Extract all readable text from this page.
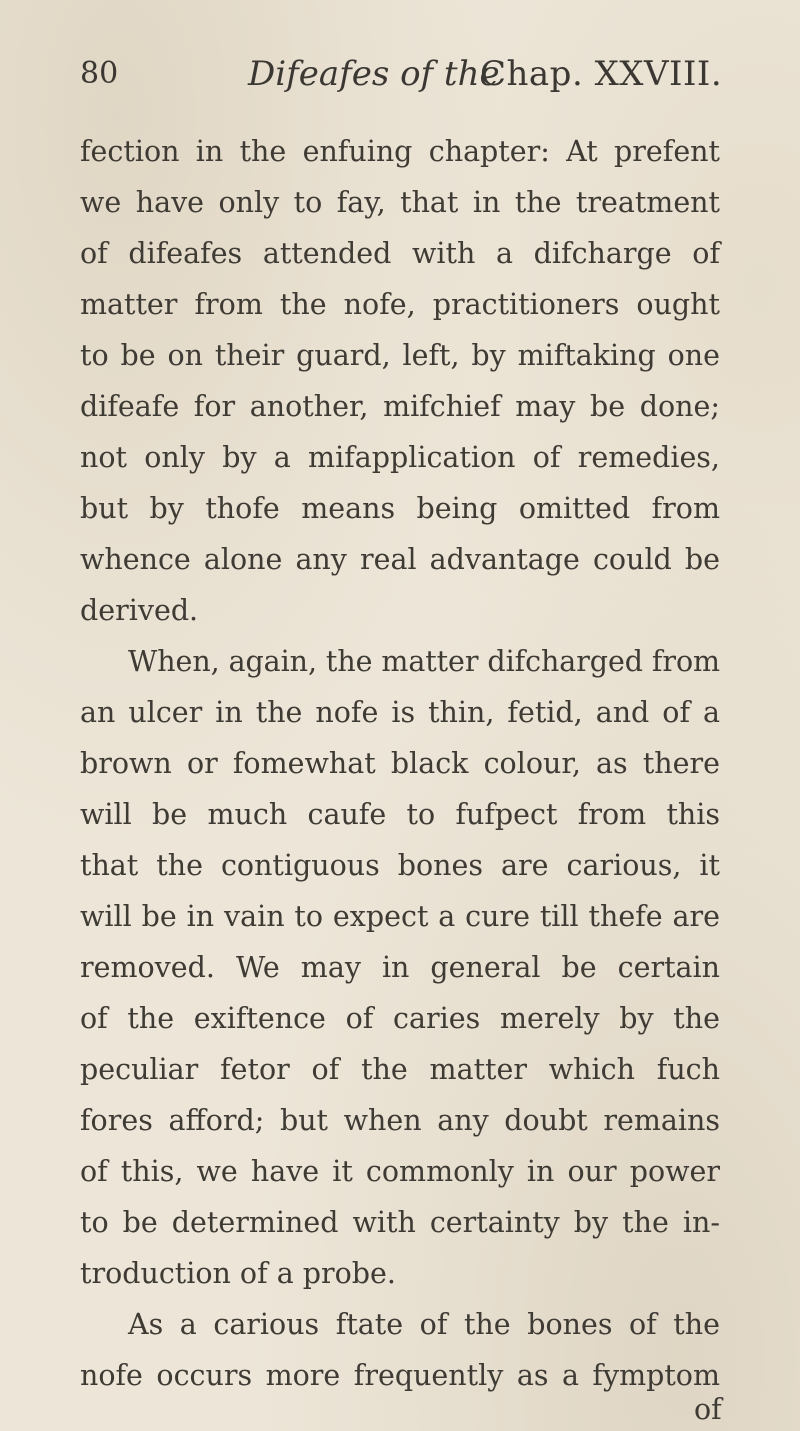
80	Difeafes of the
Chap. XXVIII.
fection in the enfuing chapter: At prefent
we have only to fay, that in the treatment
of difeafes attended with a difcharge of
matter from the nofe, practitioners ought
to be on their guard, left, by miftaking one
difeafe for another, mifchief may be done;
not only by a mifapplication of remedies,
but by thofe means being omitted from
whence alone any real advantage could be
derived.
When, again, the matter difcharged from
an ulcer in the nofe is thin, fetid, and of a
brown or fomewhat black colour, as there
will be much caufe to fufpect from this
that the contiguous bones are carious, it
will be in vain to expect a cure till thefe are
removed. We may in general be certain
of the exiftence of caries merely by the
peculiar fetor of the matter which fuch
fores afford; but when any doubt remains
of this, we have it commonly in our power
to be determined with certainty by the in-
troduction of a probe.
As a carious ftate of the bones of the
nofe occurs more frequently as a fymptom
of
